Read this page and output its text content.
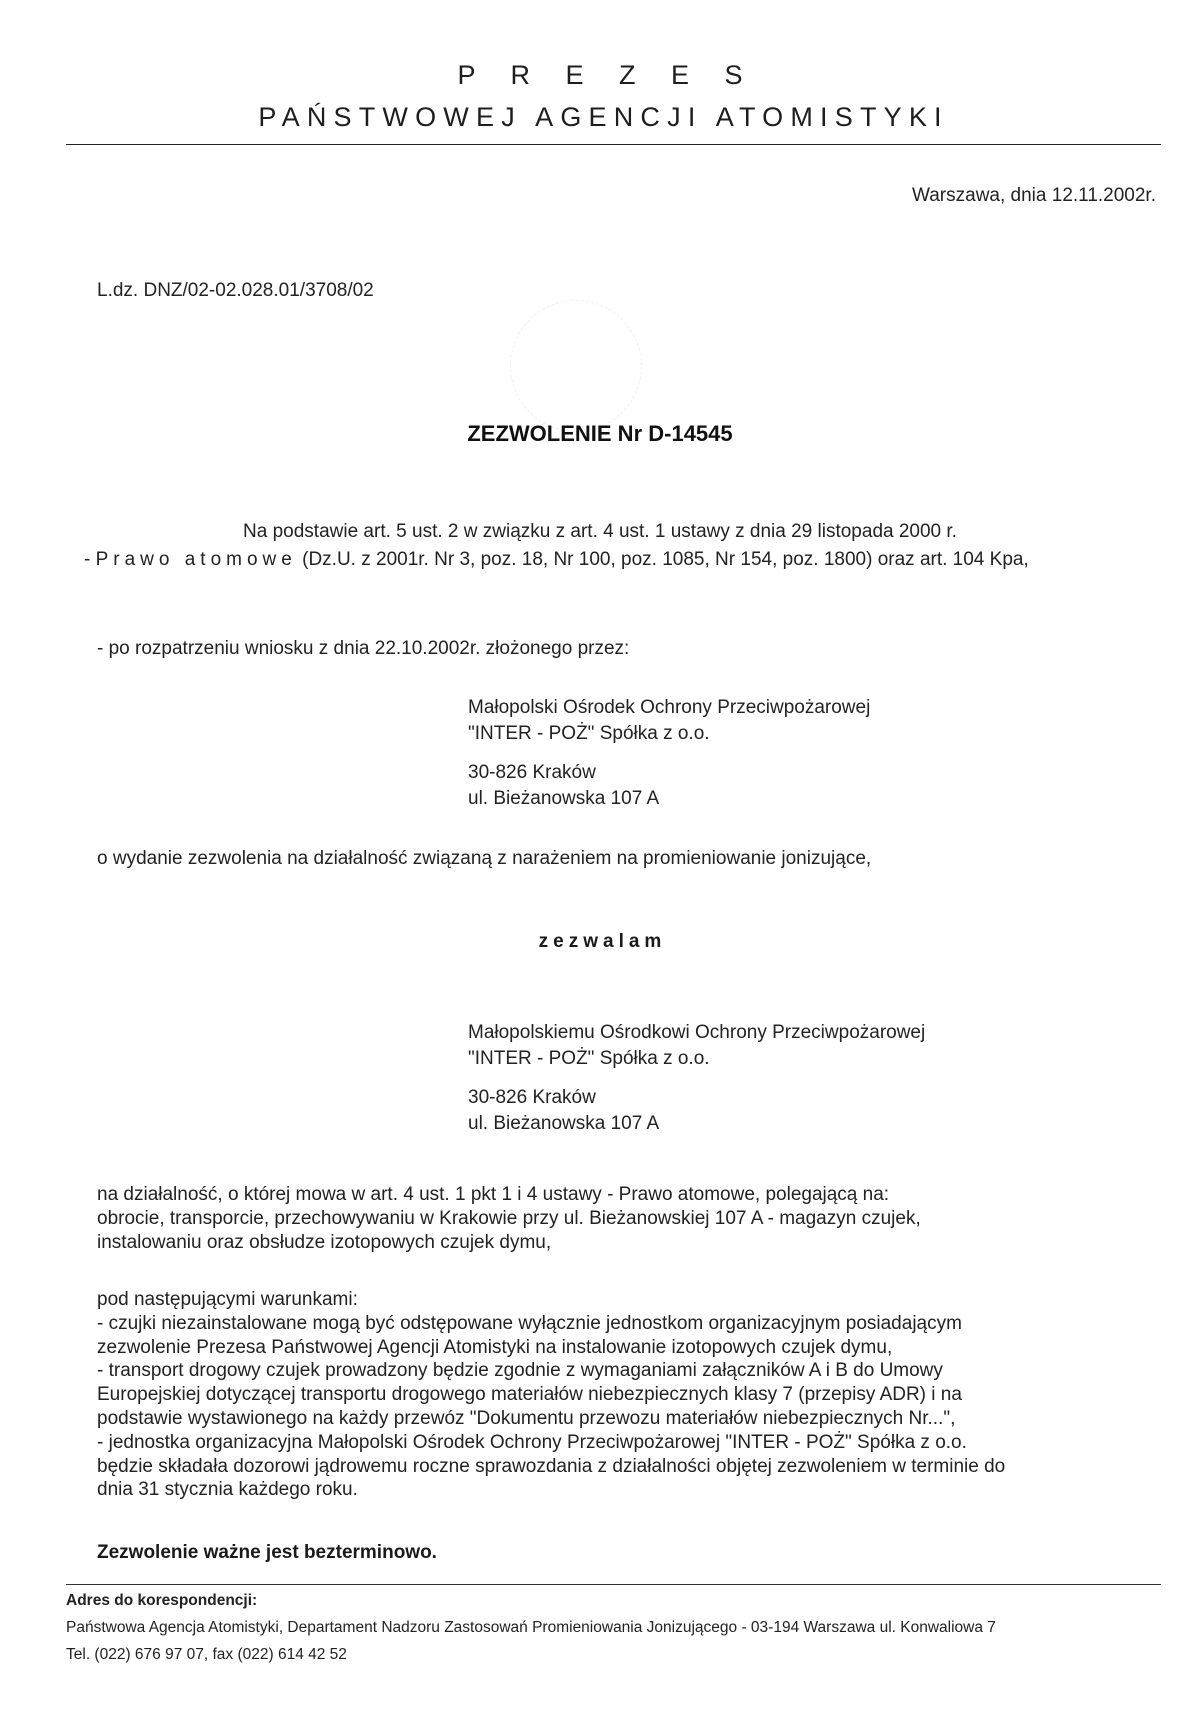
P R E Z E S
PAŃSTWOWEJ AGENCJI ATOMISTYKI
Warszawa, dnia 12.11.2002r.
L.dz. DNZ/02-02.028.01/3708/02
ZEZWOLENIE Nr D-14545
Na podstawie art. 5 ust. 2 w związku z art. 4 ust. 1 ustawy z dnia 29 listopada 2000 r.
- Prawo atomowe (Dz.U. z 2001r. Nr 3, poz. 18, Nr 100, poz. 1085, Nr 154, poz. 1800) oraz art. 104 Kpa,
- po rozpatrzeniu wniosku z dnia 22.10.2002r. złożonego przez:
Małopolski Ośrodek Ochrony Przeciwpożarowej
"INTER - POŻ" Spółka z o.o.
30-826 Kraków
ul. Bieżanowska 107 A
o wydanie zezwolenia na działalność związaną z narażeniem na promieniowanie jonizujące,
zezwalam
Małopolskiemu Ośrodkowi Ochrony Przeciwpożarowej
"INTER - POŻ" Spółka z o.o.
30-826 Kraków
ul. Bieżanowska 107 A
na działalność, o której mowa w art. 4 ust. 1 pkt 1 i 4 ustawy - Prawo atomowe, polegającą na:
obrocie, transporcie, przechowywaniu w Krakowie przy ul. Bieżanowskiej 107 A - magazyn czujek,
instalowaniu oraz obsłudze izotopowych czujek dymu,
pod następującymi warunkami:
- czujki niezainstalowane mogą być odstępowane wyłącznie jednostkom organizacyjnym posiadającym
zezwolenie Prezesa Państwowej Agencji Atomistyki na instalowanie izotopowych czujek dymu,
- transport drogowy czujek prowadzony będzie zgodnie z wymaganiami załączników A i B do Umowy
Europejskiej dotyczącej transportu drogowego materiałów niebezpiecznych klasy 7 (przepisy ADR) i na
podstawie wystawionego na każdy przewóz "Dokumentu przewozu materiałów niebezpiecznych Nr...",
- jednostka organizacyjna Małopolski Ośrodek Ochrony Przeciwpożarowej "INTER - POŻ" Spółka z o.o.
będzie składała dozorowi jądrowemu roczne sprawozdania z działalności objętej zezwoleniem w terminie do
dnia 31 stycznia każdego roku.
Zezwolenie ważne jest bezterminowo.
Adres do korespondencji:
Państwowa Agencja Atomistyki, Departament Nadzoru Zastosowań Promieniowania Jonizującego - 03-194 Warszawa ul. Konwaliowa 7
Tel. (022) 676 97 07, fax (022) 614 42 52
